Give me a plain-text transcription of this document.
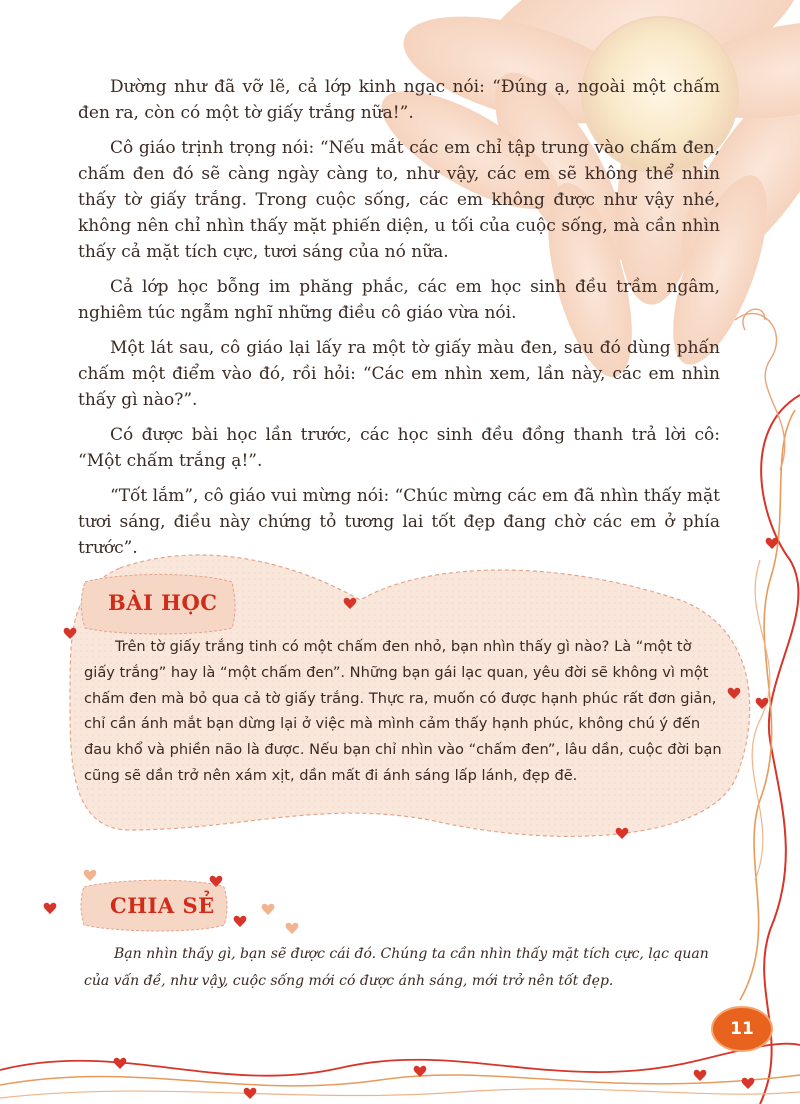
Dường như đã vỡ lẽ, cả lớp kinh ngạc nói: “Đúng ạ, ngoài một chấm đen ra, còn có một tờ giấy trắng nữa!”.

Cô giáo trịnh trọng nói: “Nếu mắt các em chỉ tập trung vào chấm đen, chấm đen đó sẽ càng ngày càng to, như vậy, các em sẽ không thể nhìn thấy tờ giấy trắng. Trong cuộc sống, các em không được như vậy nhé, không nên chỉ nhìn thấy mặt phiến diện, u tối của cuộc sống, mà cần nhìn thấy cả mặt tích cực, tươi sáng của nó nữa.

Cả lớp học bỗng im phăng phắc, các em học sinh đều trầm ngâm, nghiêm túc ngẫm nghĩ những điều cô giáo vừa nói.

Một lát sau, cô giáo lại lấy ra một tờ giấy màu đen, sau đó dùng phấn chấm một điểm vào đó, rồi hỏi: “Các em nhìn xem, lần này, các em nhìn thấy gì nào?”.

Có được bài học lần trước, các học sinh đều đồng thanh trả lời cô: “Một chấm trắng ạ!”.

“Tốt lắm”, cô giáo vui mừng nói: “Chúc mừng các em đã nhìn thấy mặt tươi sáng, điều này chứng tỏ tương lai tốt đẹp đang chờ các em ở phía trước”.

BÀI HỌC

Trên tờ giấy trắng tinh có một chấm đen nhỏ, bạn nhìn thấy gì nào? Là “một tờ giấy trắng” hay là “một chấm đen”. Những bạn gái lạc quan, yêu đời sẽ không vì một chấm đen mà bỏ qua cả tờ giấy trắng. Thực ra, muốn có được hạnh phúc rất đơn giản, chỉ cần ánh mắt bạn dừng lại ở việc mà mình cảm thấy hạnh phúc, không chú ý đến đau khổ và phiền não là được. Nếu bạn chỉ nhìn vào “chấm đen”, lâu dần, cuộc đời bạn cũng sẽ dần trở nên xám xịt, dần mất đi ánh sáng lấp lánh, đẹp đẽ.

CHIA SẺ

Bạn nhìn thấy gì, bạn sẽ được cái đó. Chúng ta cần nhìn thấy mặt tích cực, lạc quan của vấn đề, như vậy, cuộc sống mới có được ánh sáng, mới trở nên tốt đẹp.

11
